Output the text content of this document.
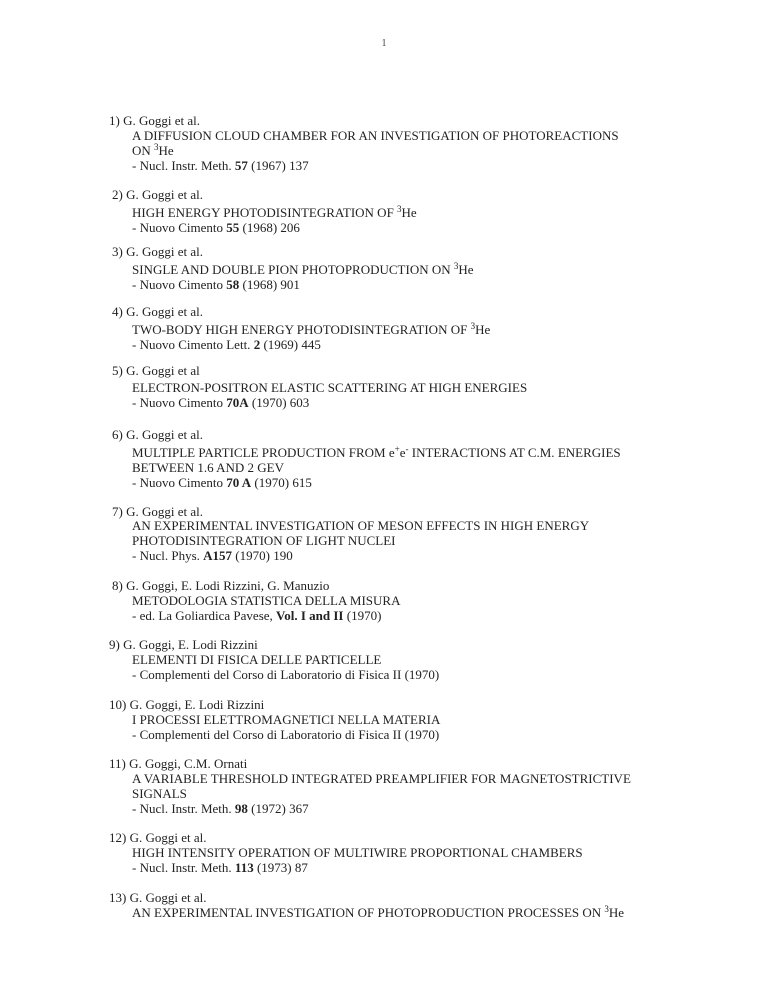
1
1) G. Goggi et al.
A DIFFUSION CLOUD CHAMBER FOR AN INVESTIGATION OF PHOTOREACTIONS
ON $^3$He
- Nucl. Instr. Meth. 57 (1967) 137
2) G. Goggi et al.
HIGH ENERGY PHOTODISINTEGRATION OF $^3$He
- Nuovo Cimento 55 (1968) 206
3) G. Goggi et al.
SINGLE AND DOUBLE PION PHOTOPRODUCTION ON $^3$He
- Nuovo Cimento 58 (1968) 901
4) G. Goggi et al.
TWO-BODY HIGH ENERGY PHOTODISINTEGRATION OF $^3$He
- Nuovo Cimento Lett. 2 (1969) 445
5) G. Goggi et al
ELECTRON-POSITRON ELASTIC SCATTERING AT HIGH ENERGIES
- Nuovo Cimento 70A (1970) 603
6) G. Goggi et al.
MULTIPLE PARTICLE PRODUCTION FROM e+e- INTERACTIONS AT C.M. ENERGIES
BETWEEN 1.6 AND 2 GEV
- Nuovo Cimento 70 A (1970) 615
7) G. Goggi et al.
AN EXPERIMENTAL INVESTIGATION OF MESON EFFECTS IN HIGH ENERGY
PHOTODISINTEGRATION OF LIGHT NUCLEI
- Nucl. Phys. A157 (1970) 190
8) G. Goggi, E. Lodi Rizzini, G. Manuzio
METODOLOGIA STATISTICA DELLA MISURA
- ed. La Goliardica Pavese, Vol. I and II (1970)
9) G. Goggi, E. Lodi Rizzini
ELEMENTI DI FISICA DELLE PARTICELLE
- Complementi del Corso di Laboratorio di Fisica II (1970)
10) G. Goggi, E. Lodi Rizzini
I PROCESSI ELETTROMAGNETICI NELLA MATERIA
- Complementi del Corso di Laboratorio di Fisica II (1970)
11) G. Goggi, C.M. Ornati
A VARIABLE THRESHOLD INTEGRATED PREAMPLIFIER FOR MAGNETOSTRICTIVE
SIGNALS
- Nucl. Instr. Meth. 98 (1972) 367
12) G. Goggi et al.
HIGH INTENSITY OPERATION OF MULTIWIRE PROPORTIONAL CHAMBERS
- Nucl. Instr. Meth. 113 (1973) 87
13) G. Goggi et al.
AN EXPERIMENTAL INVESTIGATION OF PHOTOPRODUCTION PROCESSES ON $^3$He
